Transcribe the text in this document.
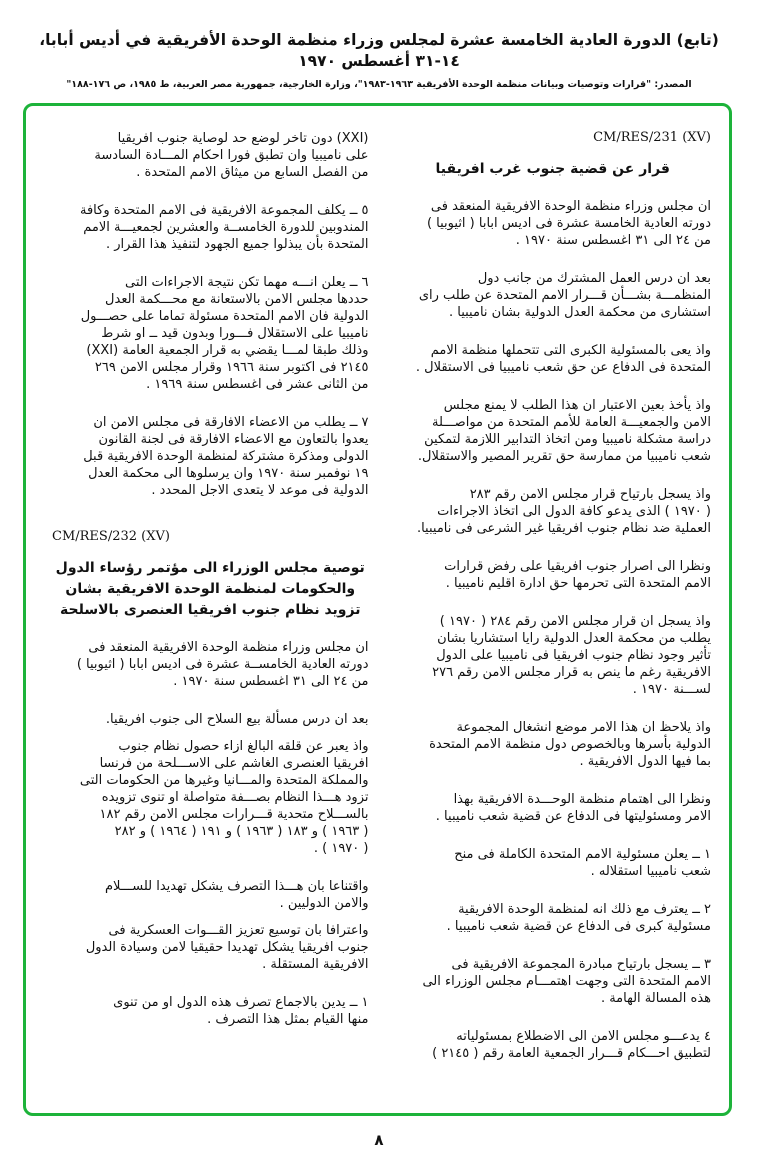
(تابع) الدورة العادية الخامسة عشرة لمجلس وزراء منظمة الوحدة الأفريقية في أديس أبابا، ١٤-٣١ أغسطس ١٩٧٠
المصدر: "قرارات وتوصيات وبيانات منظمة الوحدة الأفريقية ١٩٦٣-١٩٨٣"، وزارة الخارجية، جمهورية مصر العربية، ط ١٩٨٥، ص ١٧٦-١٨٨"
CM/RES/231 (XV)
قرار عن قضية جنوب غرب افريقيا
ان مجلس وزراء منظمة الوحدة الافريقية المنعقد فى
دورته العادية الخامسة عشرة فى اديس ابابا ( اثيوبيا )
من ٢٤ الى ٣١ اغسطس سنة ١٩٧٠ .
بعد ان درس العمل المشترك من جانب دول
المنظمـــة بشـــأن قـــرار الامم المتحدة عن طلب راى
استشارى من محكمة العدل الدولية بشان ناميبيا .
واذ يعى بالمسئولية الكبرى التى تتحملها منظمة الامم
المتحدة فى الدفاع عن حق شعب ناميبيا فى الاستقلال .
واذ يأخذ بعين الاعتبار ان هذا الطلب لا يمنع مجلس
الامن والجمعيـــة العامة للأمم المتحدة من مواصـــلة
دراسة مشكلة ناميبيا ومن اتخاذ التدابير اللازمة لتمكين
شعب ناميبيا من ممارسة حق تقرير المصير والاستقلال.
واذ يسجل بارتياح قرار مجلس الامن رقم ٢٨٣
( ١٩٧٠ ) الذى يدعو كافة الدول الى اتخاذ الاجراءات
العملية ضد نظام جنوب افريقيا غير الشرعى فى ناميبيا.
ونظرا الى اصرار جنوب افريقيا على رفض قرارات
الامم المتحدة التى تحرمها حق ادارة اقليم ناميبيا .
واذ يسجل ان قرار مجلس الامن رقم ٢٨٤ ( ١٩٧٠ )
يطلب من محكمة العدل الدولية رايا استشاريا بشان
تأثير وجود نظام جنوب افريقيا فى ناميبيا على الدول
الافريقية رغم ما ينص به قرار مجلس الامن رقم ٢٧٦
لســـنة ١٩٧٠ .
واذ يلاحظ ان هذا الامر موضع انشغال المجموعة
الدولية بأسرها وبالخصوص دول منظمة الامم المتحدة
بما فيها الدول الافريقية .
ونظرا الى اهتمام منظمة الوحـــدة الافريقية بهذا
الامر ومسئوليتها فى الدفاع عن قضية شعب ناميبيا .
١ ــ يعلن مسئولية الامم المتحدة الكاملة فى منح
شعب ناميبيا استقلاله .
٢ ــ يعترف مع ذلك انه لمنظمة الوحدة الافريقية
مسئولية كبرى فى الدفاع عن قضية شعب ناميبيا .
٣ ــ يسجل بارتياح مبادرة المجموعة الافريقية فى
الامم المتحدة التى وجهت اهتمـــام مجلس الوزراء الى
هذه المسالة الهامة .
٤ يدعـــو مجلس الامن الى الاضطلاع بمسئولياته
لتطبيق احـــكام قـــرار الجمعية العامة رقم ( ٢١٤٥ )
(XXI) دون تاخر لوضع حد لوصاية جنوب افريقيا
على ناميبيا وان تطبق فورا احكام المـــادة السادسة
من الفصل السابع من ميثاق الامم المتحدة .
٥ ــ يكلف المجموعة الافريقية فى الامم المتحدة وكافة
المندوبين للدورة الخامســة والعشرين لجمعيـــة الامم
المتحدة بأن يبذلوا جميع الجهود لتنفيذ هذا القرار .
٦ ــ يعلن انـــه مهما تكن نتيجة الاجراءات التى
حددها مجلس الامن بالاستعانة مع محـــكمة العدل
الدولية فان الامم المتحدة مسئولة تماما على حصـــول
ناميبيا على الاستقلال فـــورا وبدون قيد ــ او شرط
وذلك طبقا لمـــا يقضي به قرار الجمعية العامة (XXI)
٢١٤٥ فى اكتوبر سنة ١٩٦٦ وقرار مجلس الامن ٢٦٩
من الثانى عشر فى اغسطس سنة ١٩٦٩ .
٧ ــ يطلب من الاعضاء الافارقة فى مجلس الامن ان
يعدوا بالتعاون مع الاعضاء الافارقة فى لجنة القانون
الدولى ومذكرة مشتركة لمنظمة الوحدة الافريقية قبل
١٩ نوفمبر سنة ١٩٧٠ وان يرسلوها الى محكمة العدل
الدولية فى موعد لا يتعدى الاجل المحدد .
CM/RES/232 (XV)
توصية مجلس الوزراء الى مؤتمر رؤساء الدول
والحكومات لمنظمة الوحدة الافريقية بشان
تزويد نظام جنوب افريقيا العنصرى بالاسلحة
ان مجلس وزراء منظمة الوحدة الافريقية المنعقد فى
دورته العادية الخامســة عشرة فى اديس ابابا ( اثيوبيا )
من ٢٤ الى ٣١ اغسطس سنة ١٩٧٠ .
بعد ان درس مسألة بيع السلاح الى جنوب افريقيا.
واذ يعبر عن قلقه البالغ ازاء حصول نظام جنوب
افريقيا العنصرى الغاشم على الاســـلحة من فرنسا
والمملكة المتحدة والمـــانيا وغيرها من الحكومات التى
تزود هـــذا النظام بصـــفة متواصلة او تنوى تزويده
بالســـلاح متحدية قـــرارات مجلس الامن رقم ١٨٢
( ١٩٦٣ ) و ١٨٣ ( ١٩٦٣ ) و ١٩١ ( ١٩٦٤ ) و ٢٨٢
( ١٩٧٠ ) .
واقتناعا بان هـــذا التصرف يشكل تهديدا للســـلام
والامن الدوليين .
واعترافا بان توسيع تعزيز القـــوات العسكرية فى
جنوب افريقيا يشكل تهديدا حقيقيا لامن وسيادة الدول
الافريقية المستقلة .
١ ــ يدين بالاجماع تصرف هذه الدول او من تنوى
منها القيام بمثل هذا التصرف .
٨
